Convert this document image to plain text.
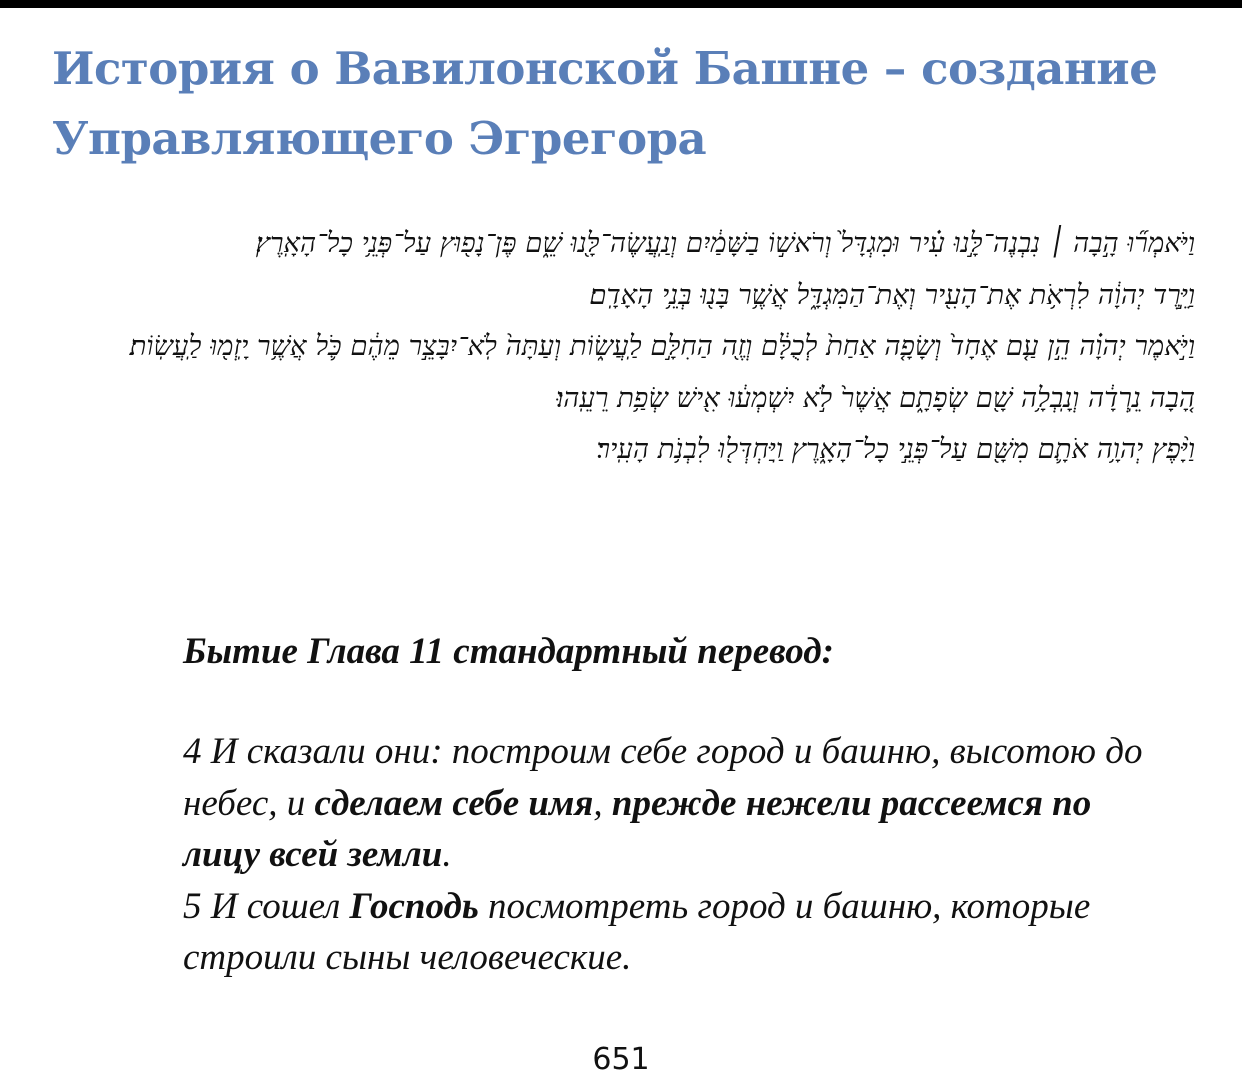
История о Вавилонской Башне – создание Управляющего Эгрегора
וַיֹּאמְר֞וּ הָ֣בָה ׀ נִבְנֶה־לָּ֣נוּ עִ֗יר וּמִגְדָּל֙ וְרֹאשׁ֣וֹ בַשָּׁמַ֔יִם וְנַֽעֲשֶׂה־לָּ֖נוּ שֵׁ֑ם פֶּן־נָפ֖וּץ עַל־פְּנֵ֥י כָל־הָאָֽרֶץ׃
וַיֵּ֣רֶד יְהוָ֔ה לִרְאֹ֥ת אֶת־הָעִ֖יר וְאֶת־הַמִּגְדָּ֑ל אֲשֶׁ֥ר בָּנ֖וּ בְּנֵ֥י הָאָדָֽם׃
וַיֹּ֣אמֶר יְהוָ֗ה הֵ֣ן עַ֤ם אֶחָד֙ וְשָׂפָ֤ה אַחַת֙ לְכֻלָּ֔ם וְזֶ֖ה הַחִלָּ֣ם לַֽעֲשׂ֑וֹת וְעַתָּה֙ לֹֽא־יִבָּצֵ֣ר מֵהֶ֔ם כֹּ֛ל אֲשֶׁ֥ר יָֽזְמ֖וּ לַֽעֲשֽׂוֹת׃
הָ֚בָה נֵֽרְדָ֔ה וְנָֽבְלָ֥ה שָׁ֖ם שְׂפָתָ֑ם אֲשֶׁר֙ לֹ֣א יִשְׁמְע֔וּ אִ֖ישׁ שְׂפַ֥ת רֵעֵֽהוּ׃
וַיָּ֨פֶץ יְהוָ֥ה אֹתָ֛ם מִשָּׁ֖ם עַל־פְּנֵ֣י כָל־הָאָ֑רֶץ וַֽיַּחְדְּל֖וּ לִבְנֹ֥ת הָעִֽיר׃
Бытие Глава 11 стандартный перевод:
4 И сказали они: построим себе город и башню, высотою до небес, и сделаем себе имя, прежде нежели рассеемся по лицу всей земли.
5 И сошел Господь посмотреть город и башню, которые строили сыны человеческие.
651
